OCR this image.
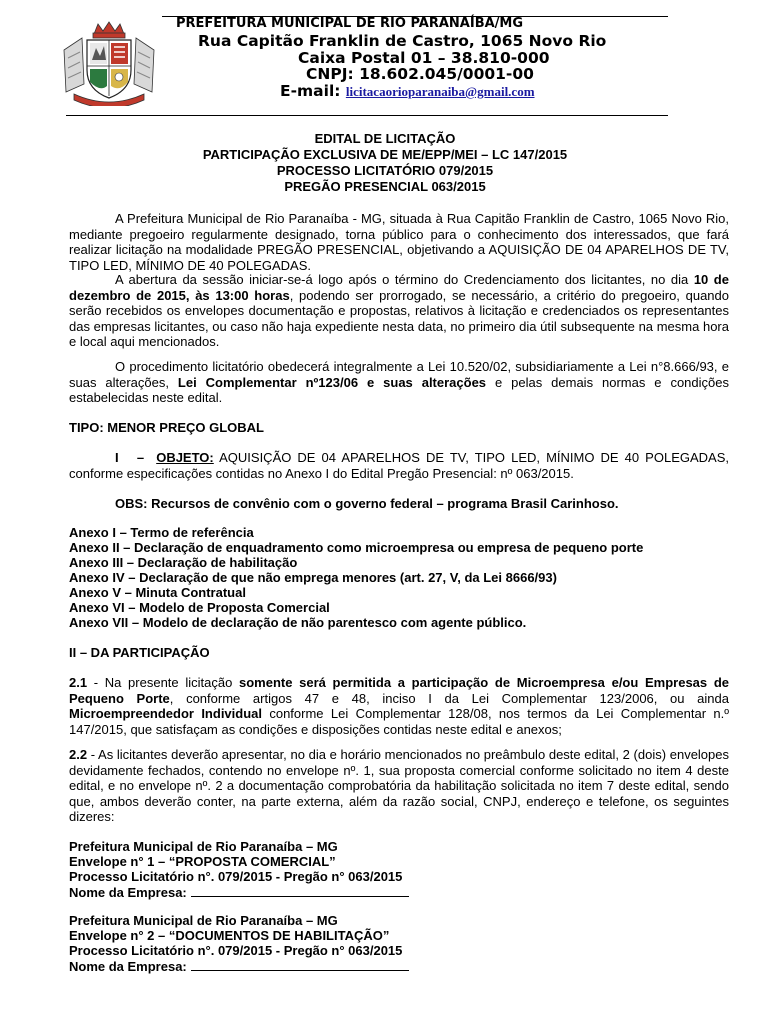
PREFEITURA MUNICIPAL DE RIO PARANAÍBA/MG
Rua Capitão Franklin de Castro, 1065 Novo Rio
Caixa Postal 01 – 38.810-000
CNPJ: 18.602.045/0001-00
E-mail: licitacaorioparanaiba@gmail.com
EDITAL DE LICITAÇÃO
PARTICIPAÇÃO EXCLUSIVA DE ME/EPP/MEI – LC 147/2015
PROCESSO LICITATÓRIO 079/2015
PREGÃO PRESENCIAL 063/2015

A Prefeitura Municipal de Rio Paranaíba - MG, situada à Rua Capitão Franklin de Castro, 1065 Novo Rio, mediante pregoeiro regularmente designado, torna público para o conhecimento dos interessados, que fará realizar licitação na modalidade PREGÃO PRESENCIAL, objetivando a AQUISIÇÃO DE 04 APARELHOS DE TV, TIPO LED, MÍNIMO DE 40 POLEGADAS.

A abertura da sessão iniciar-se-á logo após o término do Credenciamento dos licitantes, no dia 10 de dezembro de 2015, às 13:00 horas, podendo ser prorrogado, se necessário, a critério do pregoeiro, quando serão recebidos os envelopes documentação e propostas, relativos à licitação e credenciados os representantes das empresas licitantes, ou caso não haja expediente nesta data, no primeiro dia útil subsequente na mesma hora e local aqui mencionados.

O procedimento licitatório obedecerá integralmente a Lei 10.520/02, subsidiariamente a Lei n°8.666/93, e suas alterações, Lei Complementar nº123/06 e suas alterações e pelas demais normas e condições estabelecidas neste edital.

TIPO: MENOR PREÇO GLOBAL

I   –  OBJETO: AQUISIÇÃO DE 04 APARELHOS DE TV, TIPO LED, MÍNIMO DE 40 POLEGADAS, conforme especificações contidas no Anexo I do Edital Pregão Presencial: nº 063/2015.

OBS: Recursos de convênio com o governo federal – programa Brasil Carinhoso.
Anexo I – Termo de referência
Anexo II – Declaração de enquadramento como microempresa ou empresa de pequeno porte
Anexo III – Declaração de habilitação
Anexo IV – Declaração de que não emprega menores (art. 27, V, da Lei 8666/93)
Anexo V – Minuta Contratual
Anexo VI – Modelo de Proposta Comercial
Anexo VII – Modelo de declaração de não parentesco com agente público.
II – DA PARTICIPAÇÃO

2.1 - Na presente licitação somente será permitida a participação de Microempresa e/ou Empresas de Pequeno Porte, conforme artigos 47 e 48, inciso I da Lei Complementar 123/2006, ou ainda Microempreendedor Individual conforme Lei Complementar 128/08, nos termos da Lei Complementar n.º 147/2015, que satisfaçam as condições e disposições contidas neste edital e anexos;

2.2 - As licitantes deverão apresentar, no dia e horário mencionados no preâmbulo deste edital, 2 (dois) envelopes devidamente fechados, contendo no envelope nº. 1, sua proposta comercial conforme solicitado no item 4 deste edital, e no envelope nº. 2 a documentação comprobatória da habilitação solicitada no item 7 deste edital, sendo que, ambos deverão conter, na parte externa, além da razão social, CNPJ, endereço e telefone, os seguintes dizeres:

Prefeitura Municipal de Rio Paranaíba – MG
Envelope n° 1 – “PROPOSTA COMERCIAL”
Processo Licitatório n°. 079/2015 - Pregão n° 063/2015
Nome da Empresa:
Prefeitura Municipal de Rio Paranaíba – MG
Envelope n° 2 – “DOCUMENTOS DE HABILITAÇÃO”
Processo Licitatório n°. 079/2015 - Pregão n° 063/2015
Nome da Empresa:
